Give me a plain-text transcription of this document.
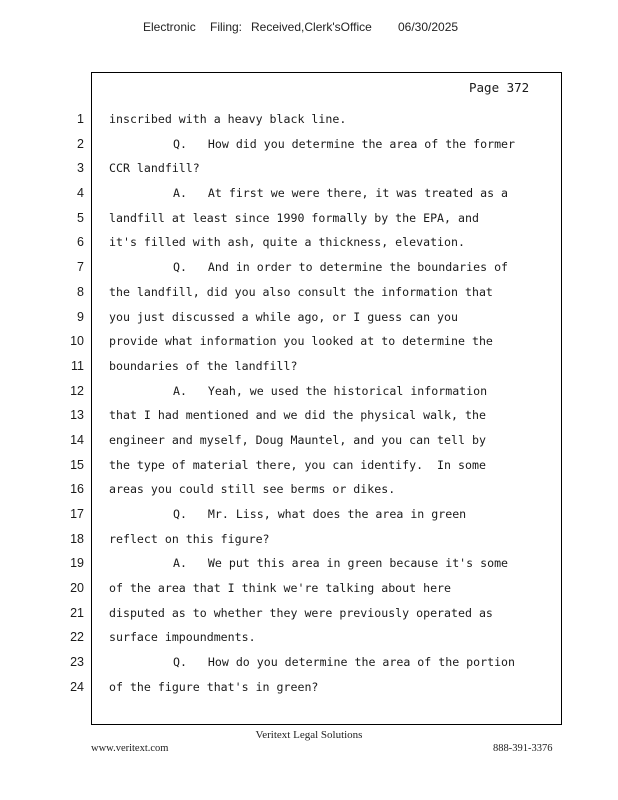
Electronic Filing: Received,Clerk'sOffice 06/30/2025
Page 372
1
2
3
4
5
6
7
8
9
10
11
12
13
14
15
16
17
18
19
20
21
22
23
24
inscribed with a heavy black line.
Q.   How did you determine the area of the former
CCR landfill?
A.   At first we were there, it was treated as a
landfill at least since 1990 formally by the EPA, and
it's filled with ash, quite a thickness, elevation.
Q.   And in order to determine the boundaries of
the landfill, did you also consult the information that
you just discussed a while ago, or I guess can you
provide what information you looked at to determine the
boundaries of the landfill?
A.   Yeah, we used the historical information
that I had mentioned and we did the physical walk, the
engineer and myself, Doug Mauntel, and you can tell by
the type of material there, you can identify.  In some
areas you could still see berms or dikes.
Q.   Mr. Liss, what does the area in green
reflect on this figure?
A.   We put this area in green because it's some
of the area that I think we're talking about here
disputed as to whether they were previously operated as
surface impoundments.
Q.   How do you determine the area of the portion
of the figure that's in green?
Veritext Legal Solutions
www.veritext.com	888-391-3376
